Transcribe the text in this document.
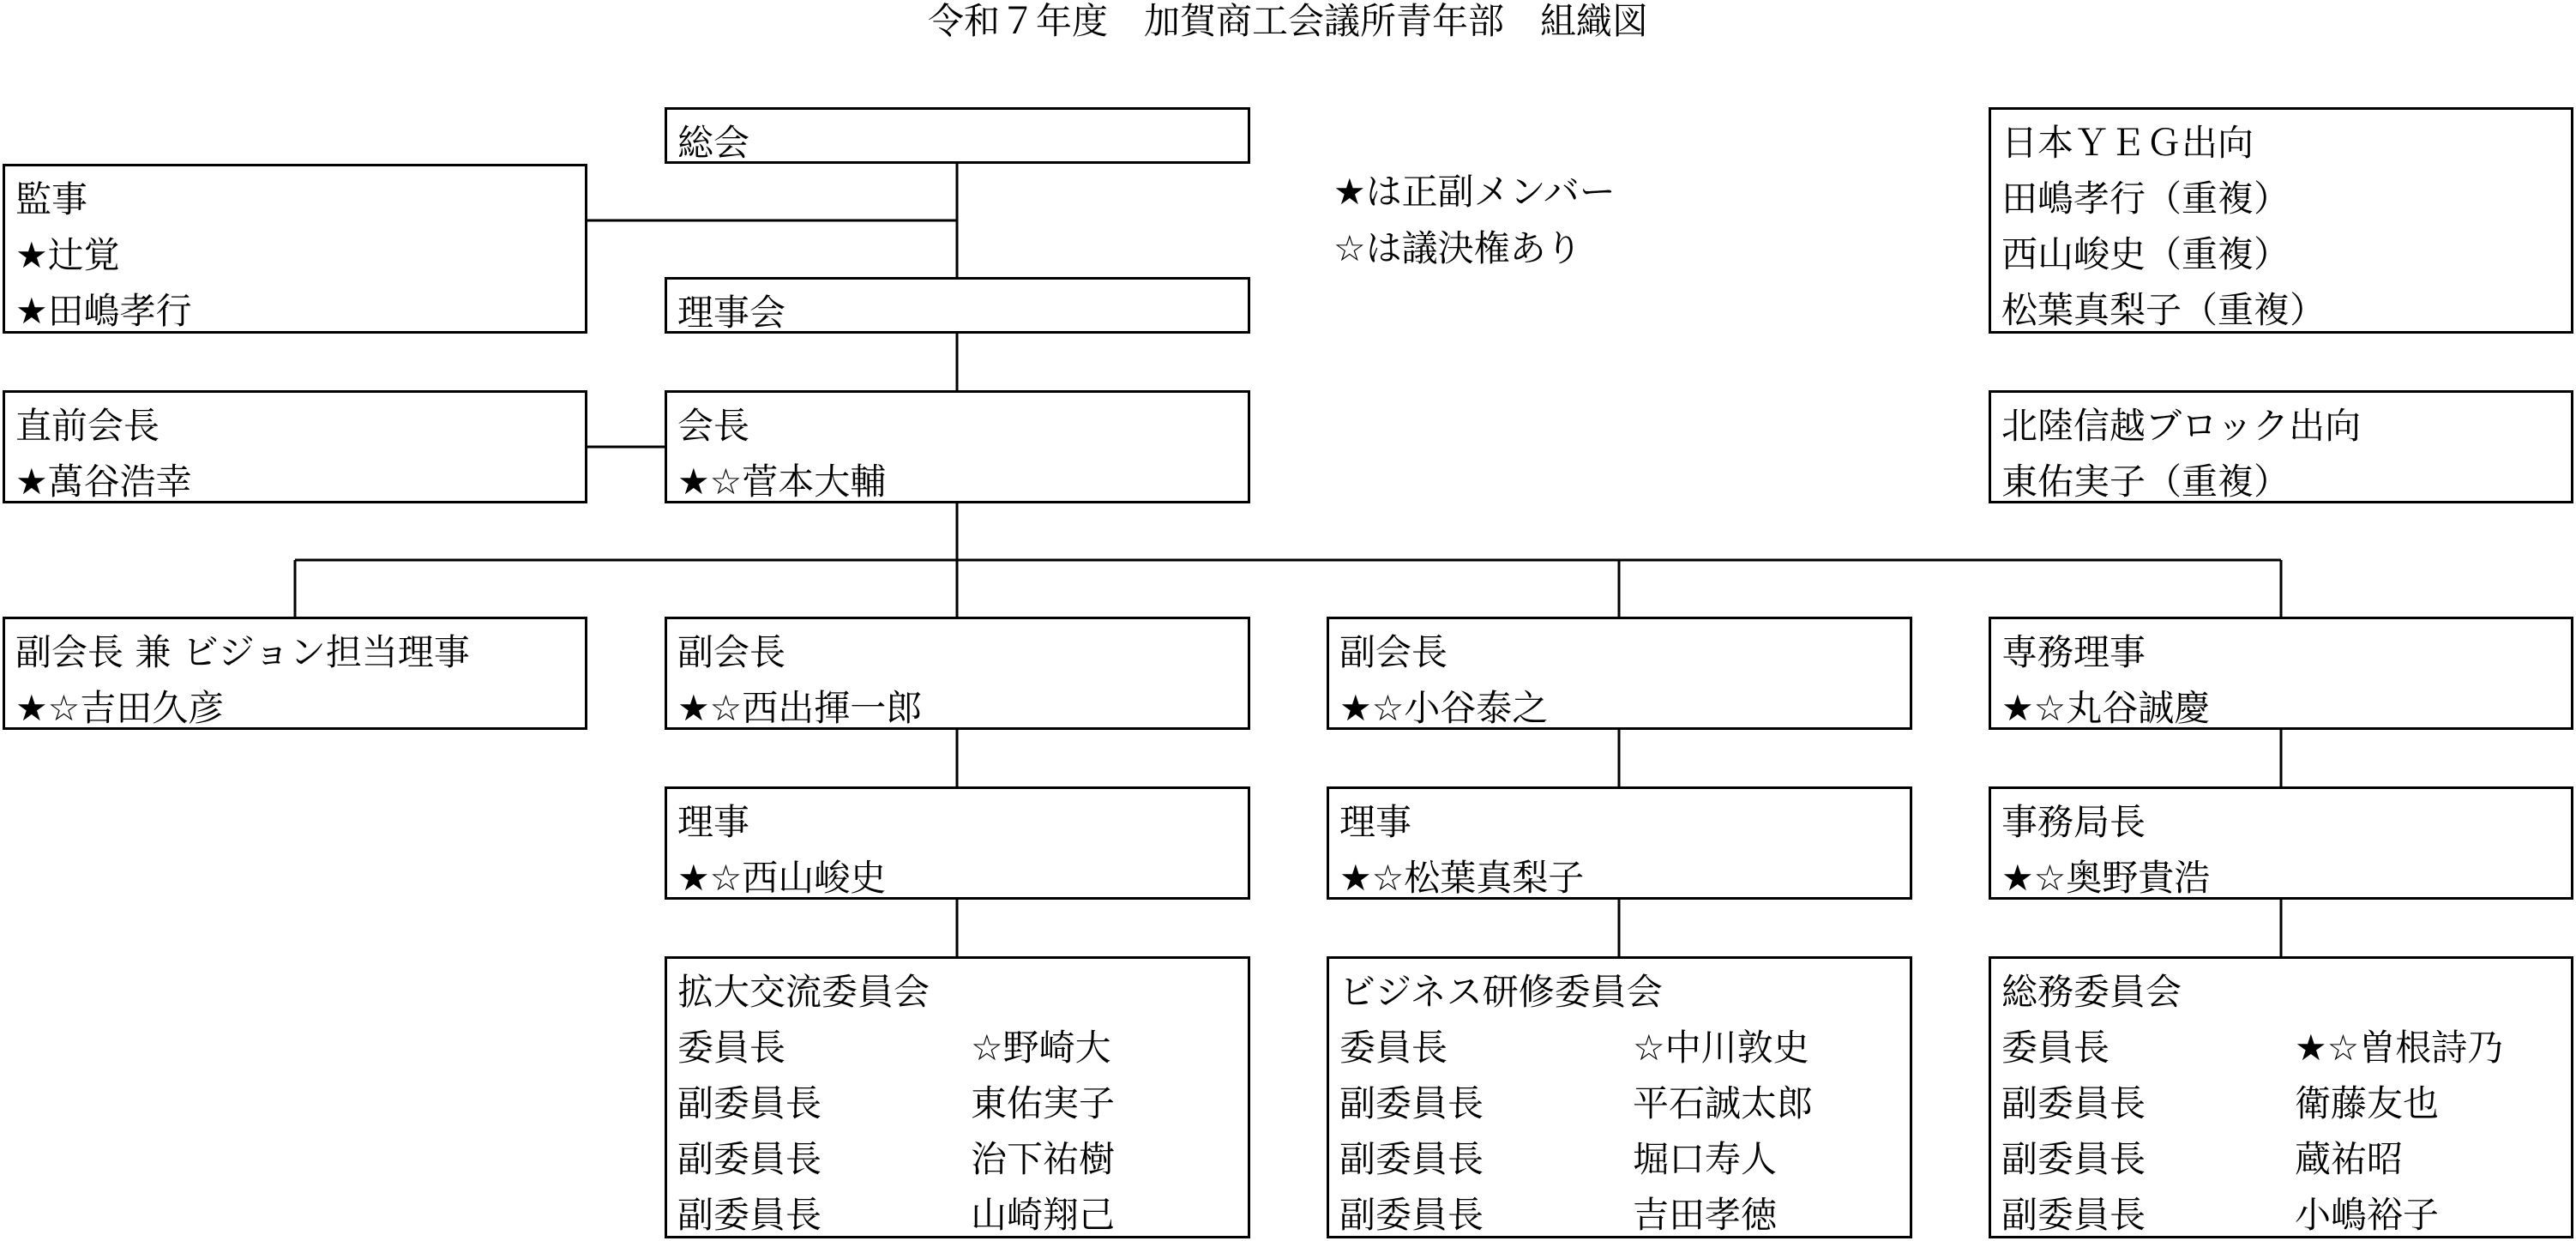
令和７年度　加賀商工会議所青年部　組織図
総会
監事
★辻覚
★田嶋孝行
★は正副メンバー
☆は議決権あり
日本ＹＥＧ出向
田嶋孝行（重複）
西山峻史（重複）
松葉真梨子（重複）
理事会
直前会長
★萬谷浩幸
会長
★☆菅本大輔
北陸信越ブロック出向
東佑実子（重複）
副会長 兼 ビジョン担当理事
★☆吉田久彦
副会長
★☆西出揮一郎
副会長
★☆小谷泰之
専務理事
★☆丸谷誠慶
理事
★☆西山峻史
理事
★☆松葉真梨子
事務局長
★☆奥野貴浩
拡大交流委員会
委員長	☆野崎大
副委員長	東佑実子
副委員長	治下祐樹
副委員長	山崎翔己
ビジネス研修委員会
委員長	☆中川敦史
副委員長	平石誠太郎
副委員長	堀口寿人
副委員長	吉田孝徳
総務委員会
委員長	★☆曽根詩乃
副委員長	衛藤友也
副委員長	蔵祐昭
副委員長	小嶋裕子
